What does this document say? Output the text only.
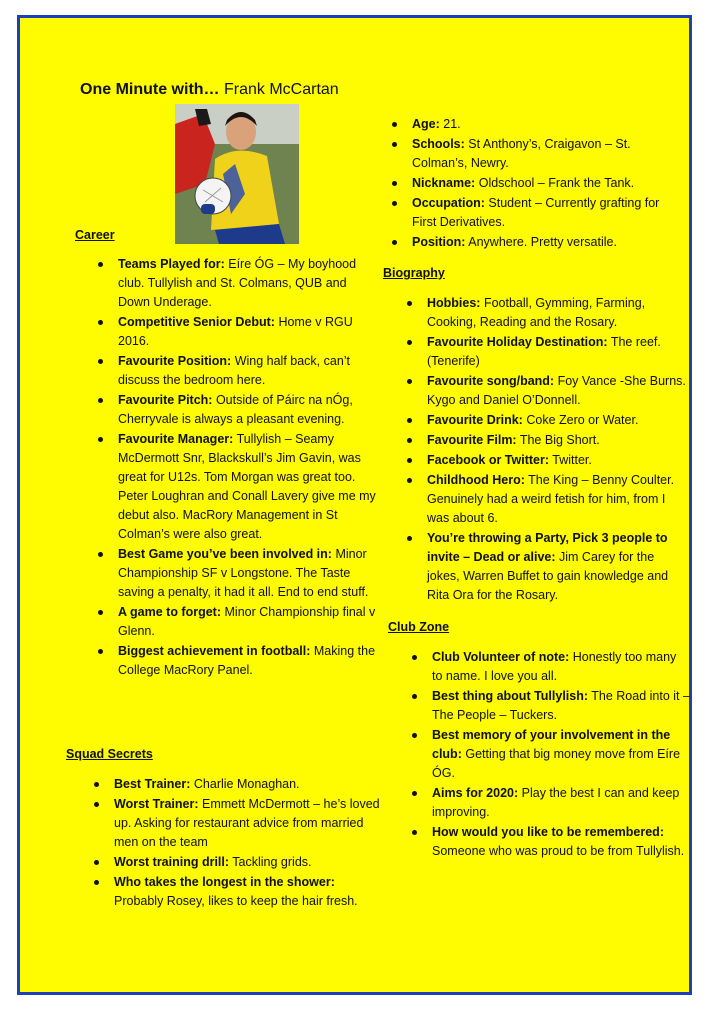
One Minute with… Frank McCartan
Age: 21.
Schools: St Anthony’s, Craigavon – St. Colman’s, Newry.
Nickname: Oldschool – Frank the Tank.
Occupation: Student – Currently grafting for First Derivatives.
Position: Anywhere. Pretty versatile.
Career
Teams Played for: Eíre ÓG – My boyhood club. Tullylish and St. Colmans, QUB and Down Underage.
Competitive Senior Debut: Home v RGU 2016.
Favourite Position: Wing half back, can’t discuss the bedroom here.
Favourite Pitch: Outside of Páirc na nÓg, Cherryvale is always a pleasant evening.
Favourite Manager: Tullylish – Seamy McDermott Snr, Blackskull’s Jim Gavin, was great for U12s. Tom Morgan was great too. Peter Loughran and Conall Lavery give me my debut also. MacRory Management in St Colman’s were also great.
Best Game you’ve been involved in: Minor Championship SF v Longstone. The Taste saving a penalty, it had it all. End to end stuff.
A game to forget: Minor Championship final v Glenn.
Biggest achievement in football: Making the College MacRory Panel.
Squad Secrets
Best Trainer: Charlie Monaghan.
Worst Trainer: Emmett McDermott – he’s loved up. Asking for restaurant advice from married men on the team
Worst training drill: Tackling grids.
Who takes the longest in the shower: Probably Rosey, likes to keep the hair fresh.
Biography
Hobbies: Football, Gymming, Farming, Cooking, Reading and the Rosary.
Favourite Holiday Destination: The reef. (Tenerife)
Favourite song/band: Foy Vance -She Burns. Kygo and Daniel O’Donnell.
Favourite Drink: Coke Zero or Water.
Favourite Film: The Big Short.
Facebook or Twitter: Twitter.
Childhood Hero: The King – Benny Coulter. Genuinely had a weird fetish for him, from I was about 6.
You’re throwing a Party, Pick 3 people to invite – Dead or alive: Jim Carey for the jokes, Warren Buffet to gain knowledge and Rita Ora for the Rosary.
Club Zone
Club Volunteer of note: Honestly too many to name. I love you all.
Best thing about Tullylish: The Road into it – The People – Tuckers.
Best memory of your involvement in the club: Getting that big money move from Eíre ÓG.
Aims for 2020: Play the best I can and keep improving.
How would you like to be remembered: Someone who was proud to be from Tullylish.
